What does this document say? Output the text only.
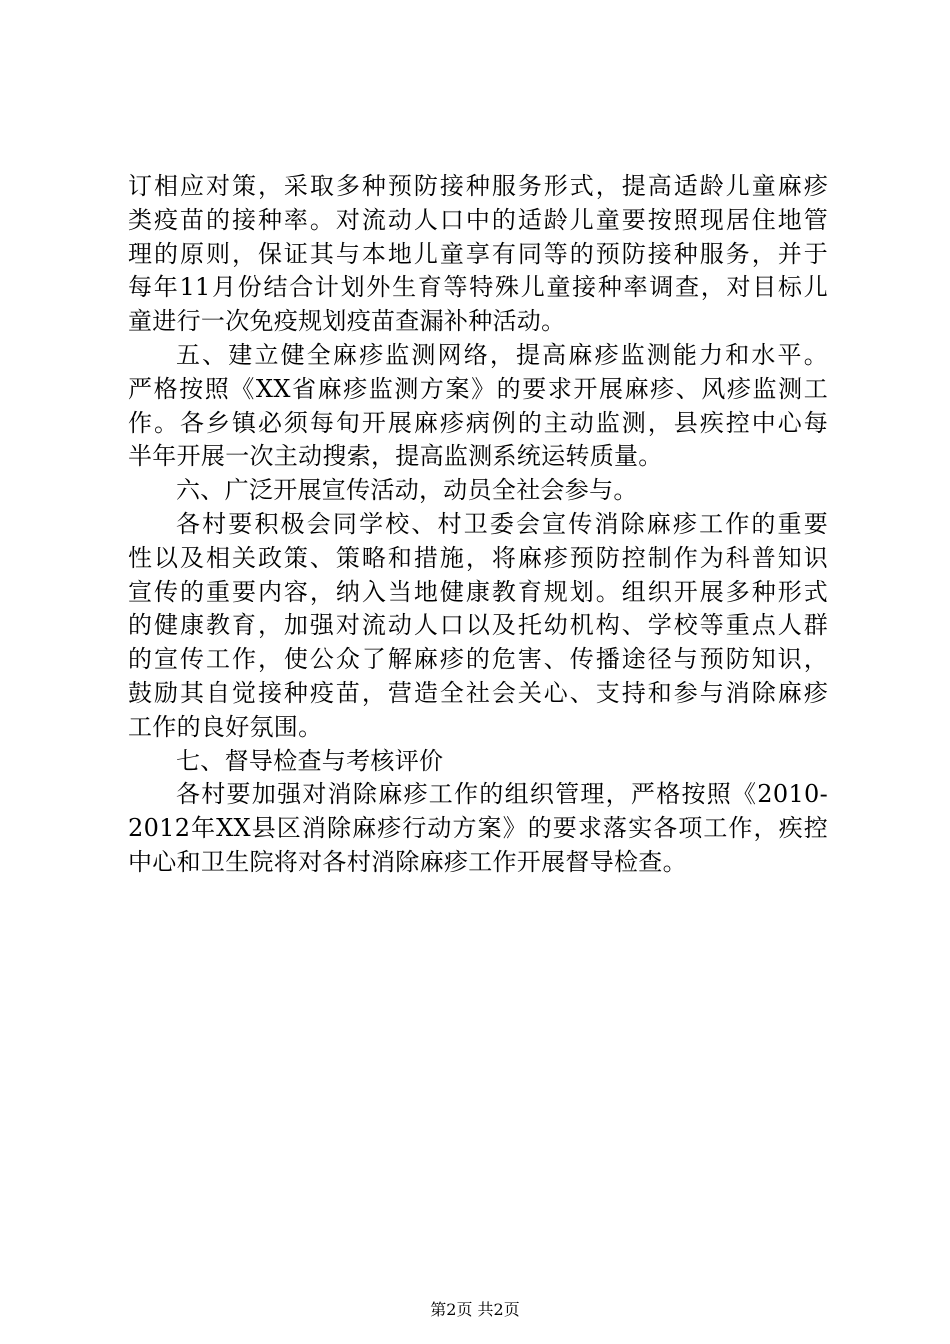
订相应对策，采取多种预防接种服务形式，提高适龄儿童麻疹
类疫苗的接种率。对流动人口中的适龄儿童要按照现居住地管
理的原则，保证其与本地儿童享有同等的预防接种服务，并于
每年11月份结合计划外生育等特殊儿童接种率调查，对目标儿
童进行一次免疫规划疫苗查漏补种活动。
五、建立健全麻疹监测网络，提高麻疹监测能力和水平。
严格按照《XX省麻疹监测方案》的要求开展麻疹、风疹监测工
作。各乡镇必须每旬开展麻疹病例的主动监测，县疾控中心每
半年开展一次主动搜索，提高监测系统运转质量。
六、广泛开展宣传活动，动员全社会参与。
各村要积极会同学校、村卫委会宣传消除麻疹工作的重要
性以及相关政策、策略和措施，将麻疹预防控制作为科普知识
宣传的重要内容，纳入当地健康教育规划。组织开展多种形式
的健康教育，加强对流动人口以及托幼机构、学校等重点人群
的宣传工作，使公众了解麻疹的危害、传播途径与预防知识，
鼓励其自觉接种疫苗，营造全社会关心、支持和参与消除麻疹
工作的良好氛围。
七、督导检查与考核评价
各村要加强对消除麻疹工作的组织管理，严格按照《2010-
2012年XX县区消除麻疹行动方案》的要求落实各项工作，疾控
中心和卫生院将对各村消除麻疹工作开展督导检查。
第2页 共2页
